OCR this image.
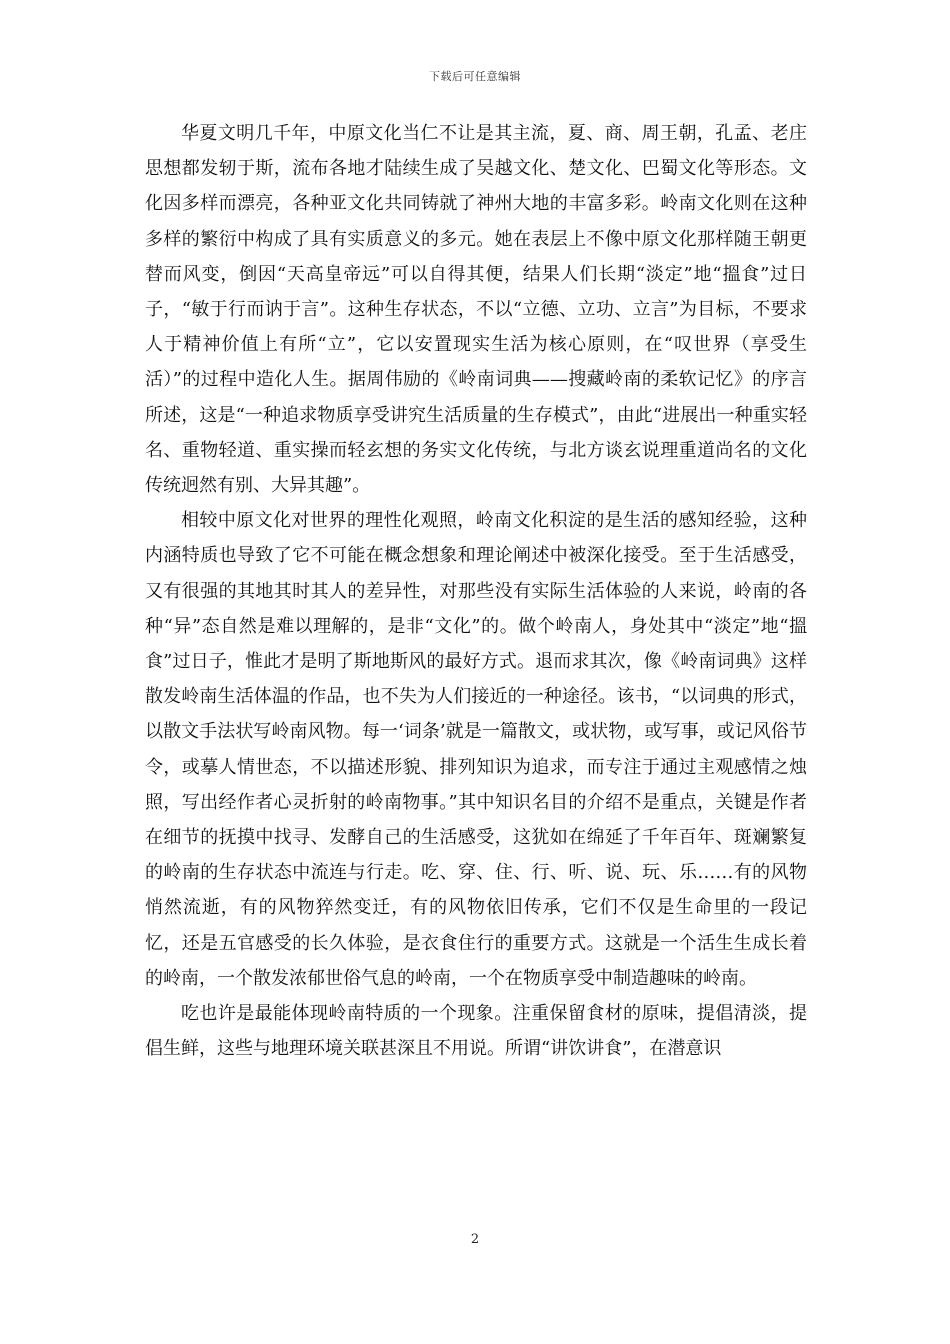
下载后可任意编辑

华夏文明几千年，中原文化当仁不让是其主流，夏、商、周王朝，孔孟、老庄思想都发轫于斯，流布各地才陆续生成了吴越文化、楚文化、巴蜀文化等形态。文化因多样而漂亮，各种亚文化共同铸就了神州大地的丰富多彩。岭南文化则在这种多样的繁衍中构成了具有实质意义的多元。她在表层上不像中原文化那样随王朝更替而风变，倒因“天高皇帝远”可以自得其便，结果人们长期“淡定”地“搵食”过日子，“敏于行而讷于言”。这种生存状态，不以“立德、立功、立言”为目标，不要求人于精神价值上有所“立”，它以安置现实生活为核心原则，在“叹世界（享受生活）”的过程中造化人生。据周伟励的《岭南词典——搜藏岭南的柔软记忆》的序言所述，这是“一种追求物质享受讲究生活质量的生存模式”，由此“进展出一种重实轻名、重物轻道、重实操而轻玄想的务实文化传统，与北方谈玄说理重道尚名的文化传统迥然有别、大异其趣”。

相较中原文化对世界的理性化观照，岭南文化积淀的是生活的感知经验，这种内涵特质也导致了它不可能在概念想象和理论阐述中被深化接受。至于生活感受，又有很强的其地其时其人的差异性，对那些没有实际生活体验的人来说，岭南的各种“异”态自然是难以理解的，是非“文化”的。做个岭南人，身处其中“淡定”地“搵食”过日子，惟此才是明了斯地斯风的最好方式。退而求其次，像《岭南词典》这样散发岭南生活体温的作品，也不失为人们接近的一种途径。该书，“以词典的形式，以散文手法状写岭南风物。每一‘词条’就是一篇散文，或状物，或写事，或记风俗节令，或摹人情世态，不以描述形貌、排列知识为追求，而专注于通过主观感情之烛照，写出经作者心灵折射的岭南物事。”其中知识名目的介绍不是重点，关键是作者在细节的抚摸中找寻、发酵自己的生活感受，这犹如在绵延了千年百年、斑斓繁复的岭南的生存状态中流连与行走。吃、穿、住、行、听、说、玩、乐……有的风物悄然流逝，有的风物猝然变迁，有的风物依旧传承，它们不仅是生命里的一段记忆，还是五官感受的长久体验，是衣食住行的重要方式。这就是一个活生生成长着的岭南，一个散发浓郁世俗气息的岭南，一个在物质享受中制造趣味的岭南。

吃也许是最能体现岭南特质的一个现象。注重保留食材的原味，提倡清淡，提倡生鲜，这些与地理环境关联甚深且不用说。所谓“讲饮讲食”，在潜意识

2
